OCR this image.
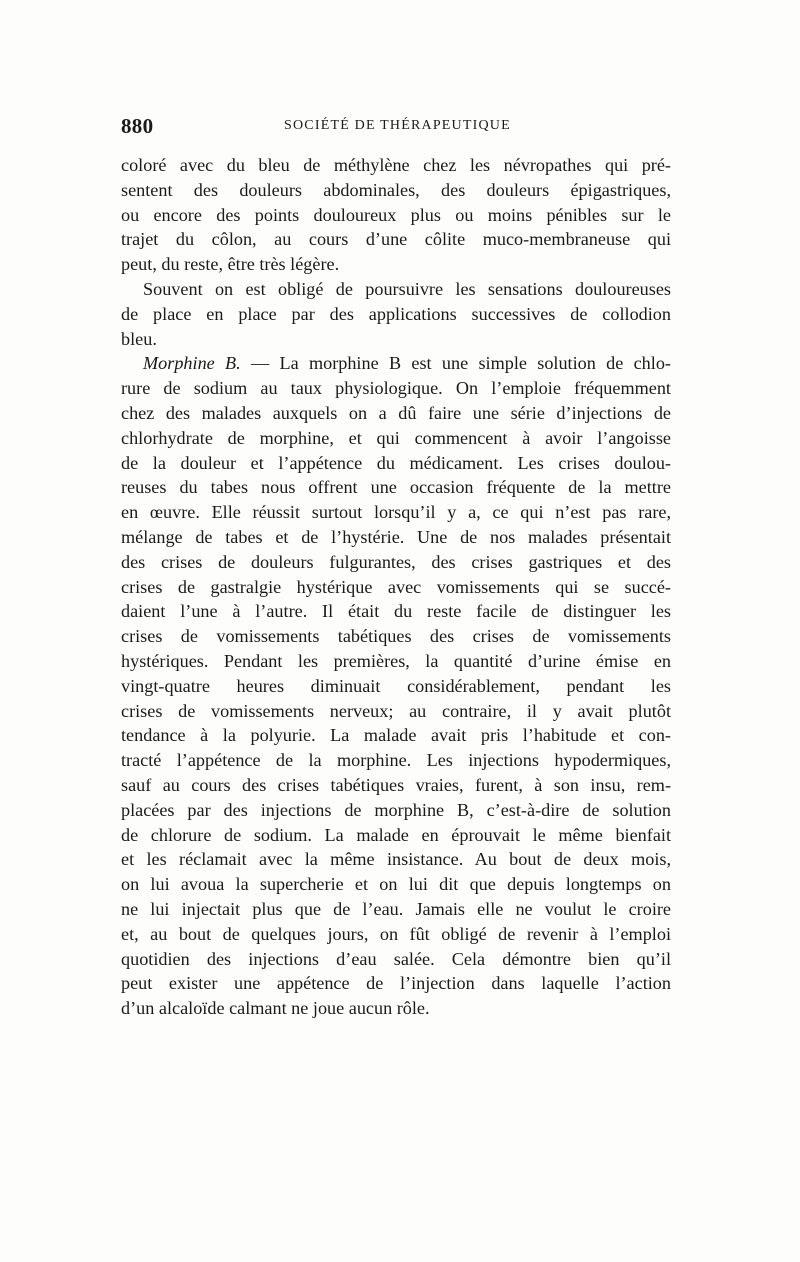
880	SOCIÉTÉ DE THÉRAPEUTIQUE
coloré avec du bleu de méthylène chez les névropathes qui pré-
sentent des douleurs abdominales, des douleurs épigastriques,
ou encore des points douloureux plus ou moins pénibles sur le
trajet du côlon, au cours d’une côlite muco-membraneuse qui
peut, du reste, être très légère.
Souvent on est obligé de poursuivre les sensations douloureuses
de place en place par des applications successives de collodion
bleu.
Morphine B. — La morphine B est une simple solution de chlo-
rure de sodium au taux physiologique. On l’emploie fréquemment
chez des malades auxquels on a dû faire une série d’injections de
chlorhydrate de morphine, et qui commencent à avoir l’angoisse
de la douleur et l’appétence du médicament. Les crises doulou-
reuses du tabes nous offrent une occasion fréquente de la mettre
en œuvre. Elle réussit surtout lorsqu’il y a, ce qui n’est pas rare,
mélange de tabes et de l’hystérie. Une de nos malades présentait
des crises de douleurs fulgurantes, des crises gastriques et des
crises de gastralgie hystérique avec vomissements qui se succé-
daient l’une à l’autre. Il était du reste facile de distinguer les
crises de vomissements tabétiques des crises de vomissements
hystériques. Pendant les premières, la quantité d’urine émise en
vingt-quatre heures diminuait considérablement, pendant les
crises de vomissements nerveux; au contraire, il y avait plutôt
tendance à la polyurie. La malade avait pris l’habitude et con-
tracté l’appétence de la morphine. Les injections hypodermiques,
sauf au cours des crises tabétiques vraies, furent, à son insu, rem-
placées par des injections de morphine B, c’est-à-dire de solution
de chlorure de sodium. La malade en éprouvait le même bienfait
et les réclamait avec la même insistance. Au bout de deux mois,
on lui avoua la supercherie et on lui dit que depuis longtemps on
ne lui injectait plus que de l’eau. Jamais elle ne voulut le croire
et, au bout de quelques jours, on fût obligé de revenir à l’emploi
quotidien des injections d’eau salée. Cela démontre bien qu’il
peut exister une appétence de l’injection dans laquelle l’action
d’un alcaloïde calmant ne joue aucun rôle.
